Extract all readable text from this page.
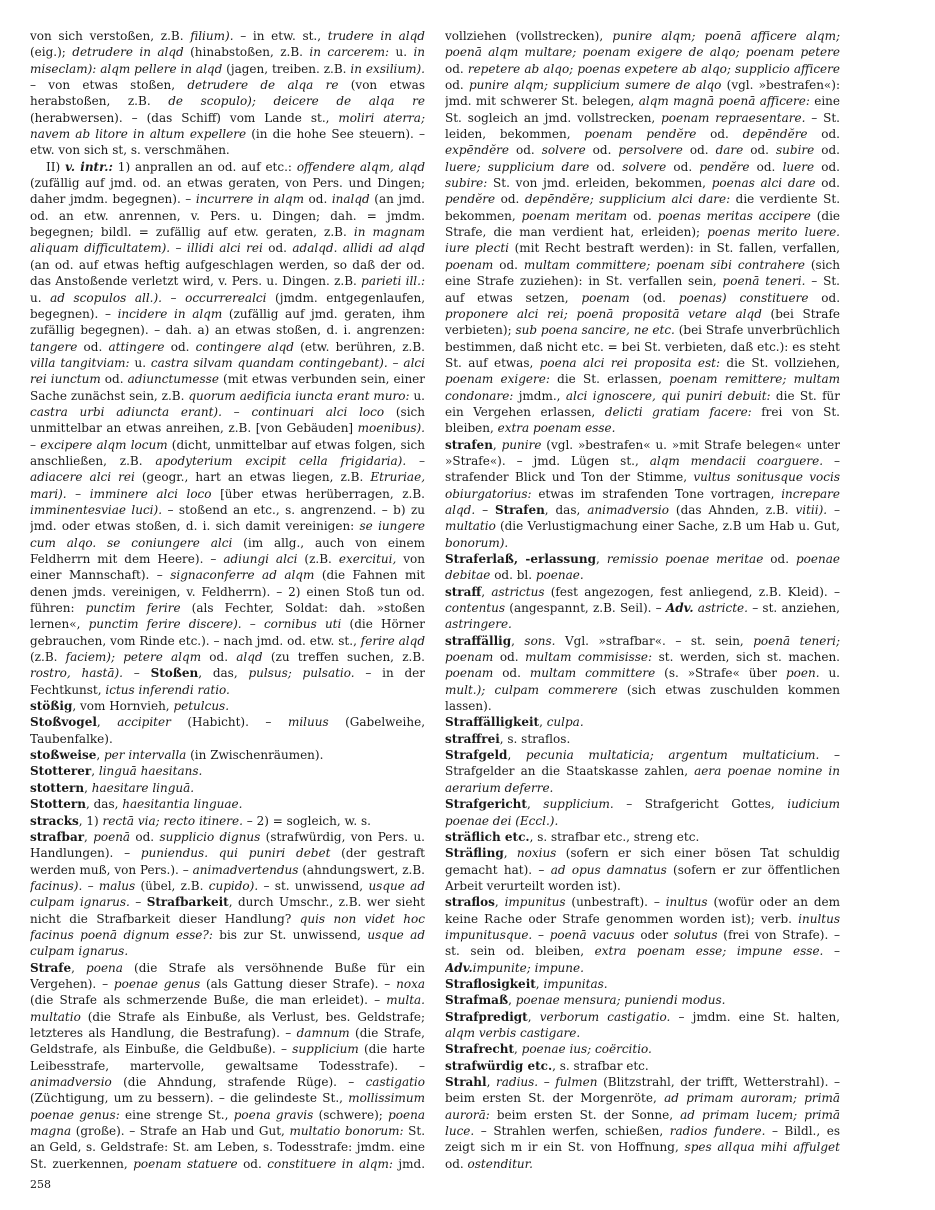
von sich verstoßen, z.B. filium). – in etw. st., trudere in alqd (eig.); detrudere in alqd (hinabstoßen, z.B. in carcerem: u. in miseclam): alqm pellere in alqd (jagen, treiben. z.B. in exsilium). – von etwas stoßen, detrudere de alqa re (von etwas herabstoßen, z.B. de scopulo); deicere de alqa re (herabwersen). – (das Schiff) vom Lande st., moliri aterra; navem ab litore in altum expellere (in die hohe See steuern). – etw. von sich st, s. verschmähen.

II) v. intr.: 1) anprallen an od. auf etc.: offendere alqm, alqd (zufällig auf jmd. od. an etwas geraten, von Pers. und Dingen; daher jmdm. begegnen). – incurrere in alqm od. inalqd (an jmd. od. an etw. anrennen, v. Pers. u. Dingen; dah. = jmdm. begegnen; bildl. = zufällig auf etw. geraten, z.B. in magnam aliquam difficultatem). – illidi alci rei od. adalqd. allidi ad alqd (an od. auf etwas heftig aufgeschlagen werden, so daß der od. das Anstoßende verletzt wird, v. Pers. u. Dingen. z.B. parieti ill.: u. ad scopulos all.). – occurrerealci (jmdm. entgegenlaufen, begegnen). – incidere in alqm (zufällig auf jmd. geraten, ihm zufällig begegnen). – dah. a) an etwas stoßen, d. i. angrenzen: tangere od. attingere od. contingere alqd (etw. berühren, z.B. villa tangitviam: u. castra silvam quandam contingebant). – alci rei iunctum od. adiunctumesse (mit etwas verbunden sein, einer Sache zunächst sein, z.B. quorum aedificia iuncta erant muro: u. castra urbi adiuncta erant). – continuari alci loco (sich unmittelbar an etwas anreihen, z.B. [von Gebäuden] moenibus). – excipere alqm locum (dicht, unmittelbar auf etwas folgen, sich anschließen, z.B. apodyterium excipit cella frigidaria). – adiacere alci rei (geogr., hart an etwas liegen, z.B. Etruriae, mari). – imminere alci loco [über etwas herüberragen, z.B. imminentesviae luci). – stoßend an etc., s. angrenzend. – b) zu jmd. oder etwas stoßen, d. i. sich damit vereinigen: se iungere cum alqo. se coniungere alci (im allg., auch von einem Feldherrn mit dem Heere). – adiungi alci (z.B. exercitui, von einer Mannschaft). – signaconferre ad alqm (die Fahnen mit denen jmds. vereinigen, v. Feldherrn). – 2) einen Stoß tun od. führen: punctim ferire (als Fechter, Soldat: dah. »stoßen lernen«, punctim ferire discere). – cornibus uti (die Hörner gebrauchen, vom Rinde etc.). – nach jmd. od. etw. st., ferire alqd (z.B. faciem); petere alqm od. alqd (zu treffen suchen, z.B. rostro, hastā). – Stoßen, das, pulsus; pulsatio. – in der Fechtkunst, ictus inferendi ratio.

stößig, vom Hornvieh, petulcus.

Stoßvogel, accipiter (Habicht). – miluus (Gabelweihe, Taubenfalke).

stoßweise, per intervalla (in Zwischenräumen).

Stotterer, linguā haesitans.

stottern, haesitare linguā.

Stottern, das, haesitantia linguae.

stracks, 1) rectā via; recto itinere. – 2) = sogleich, w. s.

strafbar, poenā od. supplicio dignus (strafwürdig, von Pers. u. Handlungen). – puniendus. qui puniri debet (der gestraft werden muß, von Pers.). – animadvertendus (ahndungswert, z.B. facinus). – malus (übel, z.B. cupido). – st. unwissend, usque ad culpam ignarus. – Strafbarkeit, durch Umschr., z.B. wer sieht nicht die Strafbarkeit dieser Handlung? quis non videt hoc facinus poenā dignum esse?: bis zur St. unwissend, usque ad culpam ignarus.

Strafe, poena (die Strafe als versöhnende Buße für ein Vergehen). – poenae genus (als Gattung dieser Strafe). – noxa (die Strafe als schmerzende Buße, die man erleidet). – multa. multatio (die Strafe als Einbuße, als Verlust, bes. Geldstrafe; letzteres als Handlung, die Bestrafung). – damnum (die Strafe, Geldstrafe, als Einbuße, die Geldbuße). – supplicium (die harte Leibesstrafe, martervolle, gewaltsame Todesstrafe). – animadversio (die Ahndung, strafende Rüge). – castigatio (Züchtigung, um zu bessern). – die gelindeste St., mollissimum poenae genus: eine strenge St., poena gravis (schwere); poena magna (große). – Strafe an Hab und Gut, multatio bonorum: St. an Geld, s. Geldstrafe: St. am Leben, s. Todesstrafe: jmdm. eine St. zuerkennen, poenam statuere od. constituere in alqm: jmd.

vollziehen (vollstrecken), punire alqm; poenā afficere alqm; poenā alqm multare; poenam exigere de alqo; poenam petere od. repetere ab alqo; poenas expetere ab alqo; supplicio afficere od. punire alqm; supplicium sumere de alqo (vgl. »bestrafen«): jmd. mit schwerer St. belegen, alqm magnā poenā afficere: eine St. sogleich an jmd. vollstrecken, poenam repraesentare. – St. leiden, bekommen, poenam pendĕre od. depēndĕre od. expēndĕre od. solvere od. persolvere od. dare od. subire od. luere; supplicium dare od. solvere od. pendĕre od. luere od. subire: St. von jmd. erleiden, bekommen, poenas alci dare od. pendĕre od. depēndĕre; supplicium alci dare: die verdiente St. bekommen, poenam meritam od. poenas meritas accipere (die Strafe, die man verdient hat, erleiden); poenas merito luere. iure plecti (mit Recht bestraft werden): in St. fallen, verfallen, poenam od. multam committere; poenam sibi contrahere (sich eine Strafe zuziehen): in St. verfallen sein, poenā teneri. – St. auf etwas setzen, poenam (od. poenas) constituere od. proponere alci rei; poenā propositā vetare alqd (bei Strafe verbieten); sub poena sancire, ne etc. (bei Strafe unverbrüchlich bestimmen, daß nicht etc. = bei St. verbieten, daß etc.): es steht St. auf etwas, poena alci rei proposita est: die St. vollziehen, poenam exigere: die St. erlassen, poenam remittere; multam condonare: jmdm., alci ignoscere, qui puniri debuit: die St. für ein Vergehen erlassen, delicti gratiam facere: frei von St. bleiben, extra poenam esse.

strafen, punire (vgl. »bestrafen« u. »mit Strafe belegen« unter »Strafe«). – jmd. Lügen st., alqm mendacii coarguere. – strafender Blick und Ton der Stimme, vultus sonitusque vocis obiurgatorius: etwas im strafenden Tone vortragen, increpare alqd. – Strafen, das, animadversio (das Ahnden, z.B. vitii). – multatio (die Verlustigmachung einer Sache, z.B um Hab u. Gut, bonorum).

Straferlaß, -erlassung, remissio poenae meritae od. poenae debitae od. bl. poenae.

straff, astrictus (fest angezogen, fest anliegend, z.B. Kleid). – contentus (angespannt, z.B. Seil). – Adv. astricte. – st. anziehen, astringere.

straffällig, sons. Vgl. »strafbar«. – st. sein, poenā teneri; poenam od. multam commisisse: st. werden, sich st. machen. poenam od. multam committere (s. »Strafe« über poen. u. mult.); culpam commerere (sich etwas zuschulden kommen lassen).

Straffälligkeit, culpa.

straffrei, s. straflos.

Strafgeld, pecunia multaticia; argentum multaticium. – Strafgelder an die Staatskasse zahlen, aera poenae nomine in aerarium deferre.

Strafgericht, supplicium. – Strafgericht Gottes, iudicium poenae dei (Eccl.).

sträflich etc., s. strafbar etc., streng etc.

Sträfling, noxius (sofern er sich einer bösen Tat schuldig gemacht hat). – ad opus damnatus (sofern er zur öffentlichen Arbeit verurteilt worden ist).

straflos, impunitus (unbestraft). – inultus (wofür oder an dem keine Rache oder Strafe genommen worden ist); verb. inultus impunitusque. – poenā vacuus oder solutus (frei von Strafe). – st. sein od. bleiben, extra poenam esse; impune esse. – Adv.impunite; impune.

Straflosigkeit, impunitas.

Strafmaß, poenae mensura; puniendi modus.

Strafpredigt, verborum castigatio. – jmdm. eine St. halten, alqm verbis castigare.

Strafrecht, poenae ius; coërcitio.

strafwürdig etc., s. strafbar etc.

Strahl, radius. – fulmen (Blitzstrahl, der trifft, Wetterstrahl). – beim ersten St. der Morgenröte, ad primam auroram; primā aurorā: beim ersten St. der Sonne, ad primam lucem; primā luce. – Strahlen werfen, schießen, radios fundere. – Bildl., es zeigt sich m ir ein St. von Hoffnung, spes allqua mihi affulget od. ostenditur.

258
